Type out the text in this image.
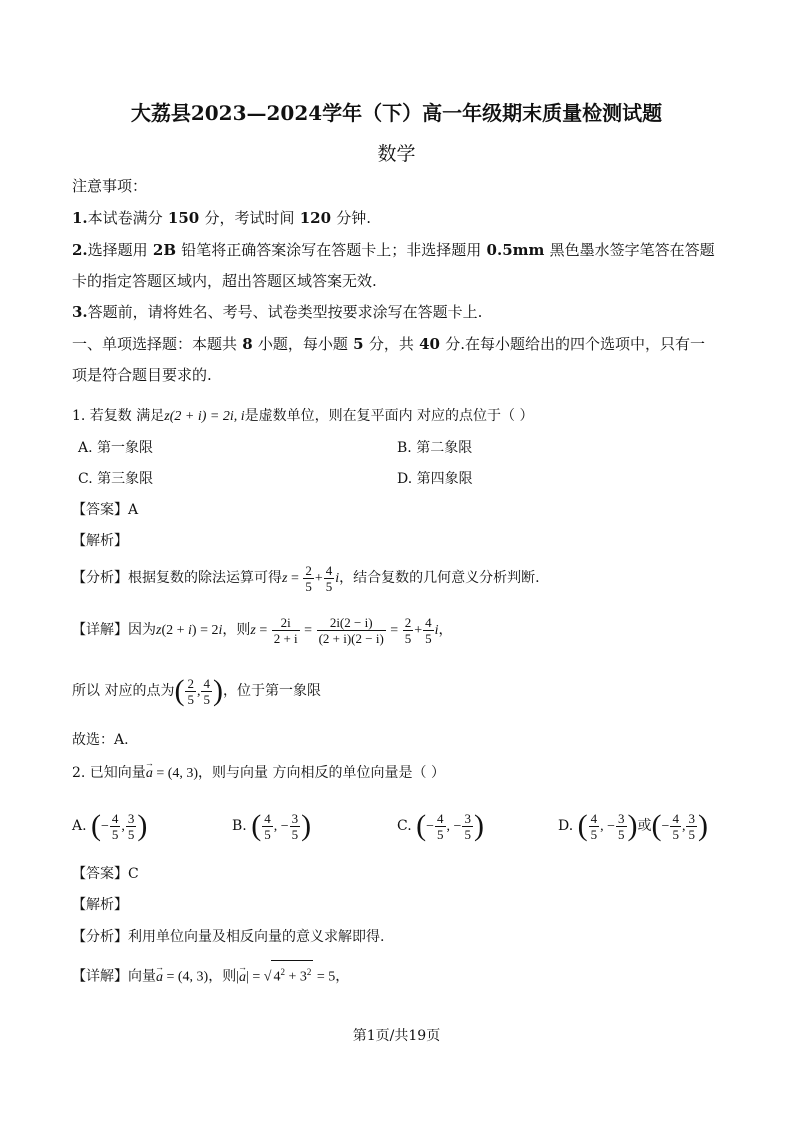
大荔县2023—2024学年（下）高一年级期末质量检测试题
数学
注意事项：
1.本试卷满分 150 分，考试时间 120 分钟.
2.选择题用 2B 铅笔将正确答案涂写在答题卡上；非选择题用 0.5mm 黑色墨水签字笔答在答题
卡的指定答题区域内，超出答题区域答案无效.
3.答题前，请将姓名、考号、试卷类型按要求涂写在答题卡上.
一、单项选择题：本题共 8 小题，每小题 5 分，共 40 分.在每小题给出的四个选项中，只有一
项是符合题目要求的.
1. 若复数 满足z(2 + i) = 2i, i是虚数单位，则在复平面内 对应的点位于（ ）
A. 第一象限	B. 第二象限
C. 第三象限	D. 第四象限
【答案】A
【解析】
【分析】根据复数的除法运算可得$z = \frac{2}{5} + \frac{4}{5}$ i，结合复数的几何意义分析判断.
【详解】因为z(2 + i) = 2i，则$z = \frac{2i}{2 + i} = \frac{2i(2 - i)}{(2 + i)(2 - i)} = \frac{2}{5} + \frac{4}{5}$ i，
所以 对应的点为( $\frac{2}{5}$ , $\frac{4}{5}$ )，位于第一象限
故选：A.
2. 已知向量a → = (4, 3)，则与向量 方向相反的单位向量是（ ）
A. (− $\frac{4}{5}$ , $\frac{3}{5}$ )	B. ( $\frac{4}{5}$ , − $\frac{3}{5}$ )	C. (− $\frac{4}{5}$ , − $\frac{3}{5}$ )	D. ( $\frac{4}{5}$ , − $\frac{3}{5}$ )或(− $\frac{4}{5}$ , $\frac{3}{5}$ )
【答案】C
【解析】
【分析】利用单位向量及相反向量的意义求解即得.
【详解】向量a → = (4, 3)，则|a →| = √ $4^2 + 3^2 = 5$，
第1页/共19页
